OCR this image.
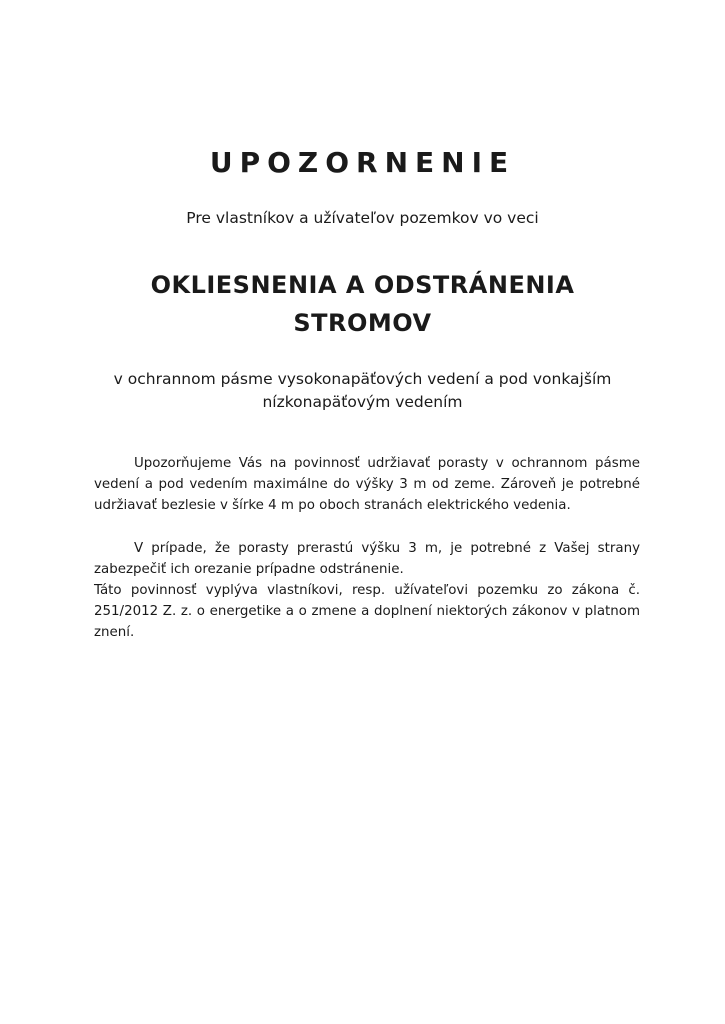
UPOZORNENIE

Pre vlastníkov a užívateľov pozemkov vo veci

OKLIESNENIA A ODSTRÁNENIA
STROMOV

v ochrannom pásme vysokonapäťových vedení a pod vonkajším
nízkonapäťovým vedením

Upozorňujeme Vás na povinnosť udržiavať porasty v ochrannom pásme
vedení a pod vedením maximálne do výšky 3 m od zeme. Zároveň je potrebné
udržiavať bezlesie v šírke 4 m po oboch stranách elektrického vedenia.

V prípade, že porasty prerastú výšku 3 m, je potrebné z Vašej strany
zabezpečiť ich orezanie prípadne odstránenie.

Táto povinnosť vyplýva vlastníkovi, resp. užívateľovi pozemku zo zákona č.
251/2012 Z. z. o energetike a o zmene a doplnení niektorých zákonov v platnom
znení.
